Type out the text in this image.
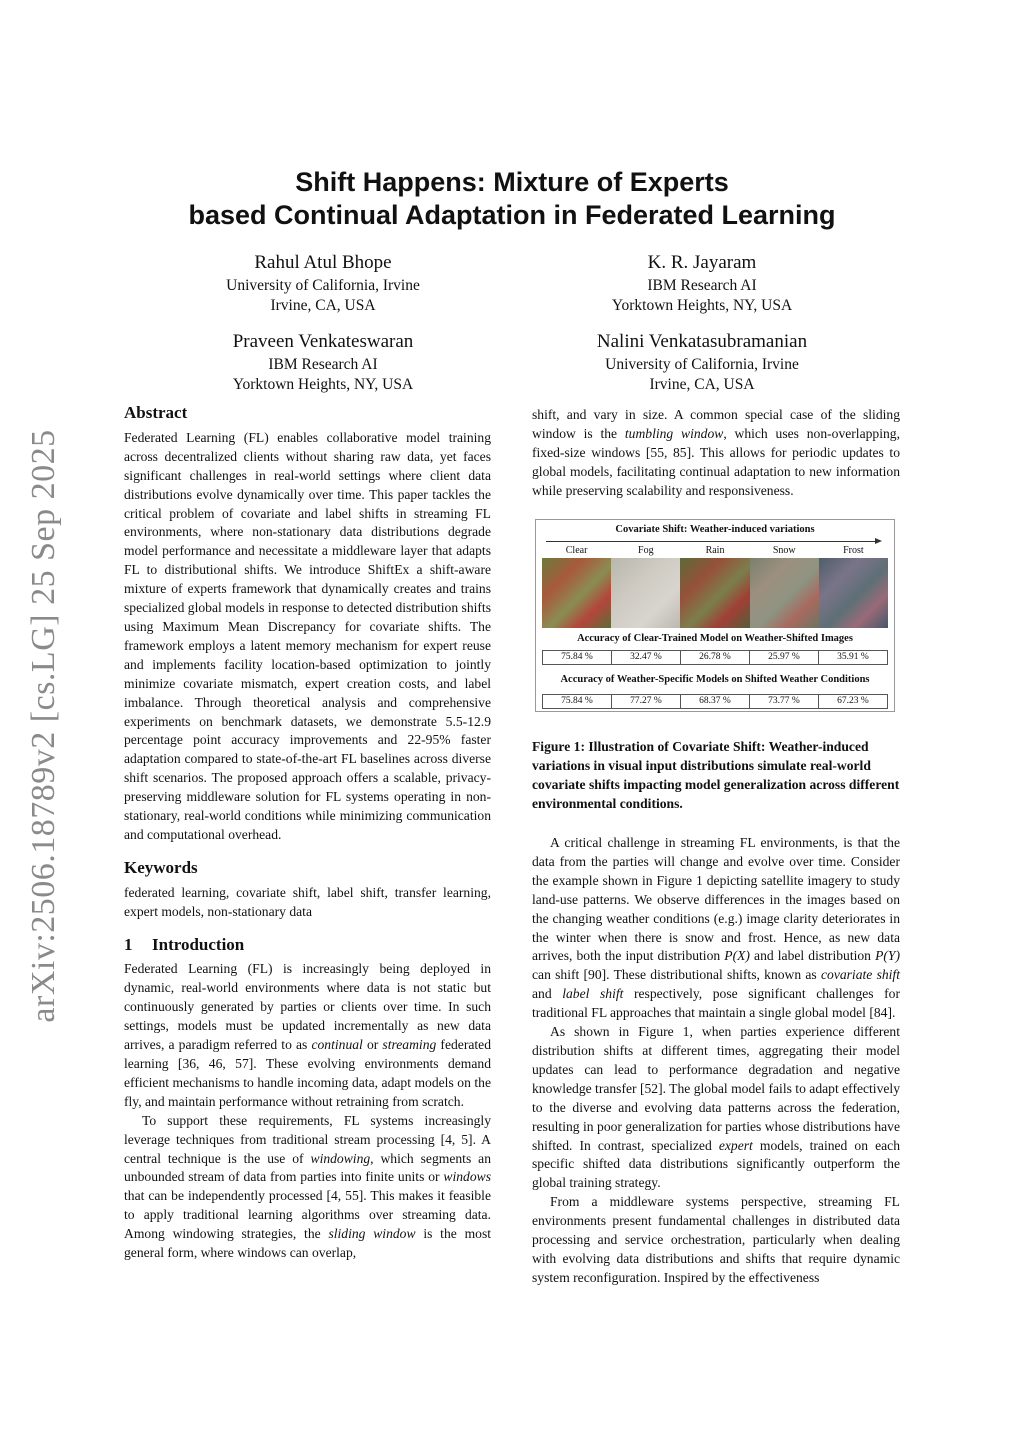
arXiv:2506.18789v2 [cs.LG] 25 Sep 2025
Shift Happens: Mixture of Experts
based Continual Adaptation in Federated Learning
Rahul Atul Bhope
University of California, Irvine
Irvine, CA, USA
K. R. Jayaram
IBM Research AI
Yorktown Heights, NY, USA
Praveen Venkateswaran
IBM Research AI
Yorktown Heights, NY, USA
Nalini Venkatasubramanian
University of California, Irvine
Irvine, CA, USA
Abstract

Federated Learning (FL) enables collaborative model training across decentralized clients without sharing raw data, yet faces significant challenges in real-world settings where client data distributions evolve dynamically over time. This paper tackles the critical problem of covariate and label shifts in streaming FL environments, where non-stationary data distributions degrade model performance and necessitate a middleware layer that adapts FL to distributional shifts. We introduce ShiftEx a shift-aware mixture of experts framework that dynamically creates and trains specialized global models in response to detected distribution shifts using Maximum Mean Discrepancy for covariate shifts. The framework employs a latent memory mechanism for expert reuse and implements facility location-based optimization to jointly minimize covariate mismatch, expert creation costs, and label imbalance. Through theoretical analysis and comprehensive experiments on benchmark datasets, we demonstrate 5.5-12.9 percentage point accuracy improvements and 22-95% faster adaptation compared to state-of-the-art FL baselines across diverse shift scenarios. The proposed approach offers a scalable, privacy-preserving middleware solution for FL systems operating in non-stationary, real-world conditions while minimizing communication and computational overhead.

Keywords

federated learning, covariate shift, label shift, transfer learning, expert models, non-stationary data

1 Introduction

Federated Learning (FL) is increasingly being deployed in dynamic, real-world environments where data is not static but continuously generated by parties or clients over time. In such settings, models must be updated incrementally as new data arrives, a paradigm referred to as continual or streaming federated learning [36, 46, 57]. These evolving environments demand efficient mechanisms to handle incoming data, adapt models on the fly, and maintain performance without retraining from scratch.

To support these requirements, FL systems increasingly leverage techniques from traditional stream processing [4, 5]. A central technique is the use of windowing, which segments an unbounded stream of data from parties into finite units or windows that can be independently processed [4, 55]. This makes it feasible to apply traditional learning algorithms over streaming data. Among windowing strategies, the sliding window is the most general form, where windows can overlap,

shift, and vary in size. A common special case of the sliding window is the tumbling window, which uses non-overlapping, fixed-size windows [55, 85]. This allows for periodic updates to global models, facilitating continual adaptation to new information while preserving scalability and responsiveness.

Covariate Shift: Weather-induced variations
Clear	Fog	Rain	Snow	Frost
Accuracy of Clear-Trained Model on Weather-Shifted Images
75.84 %	32.47 %	26.78 %	25.97 %	35.91 %
Accuracy of Weather-Specific Models on Shifted Weather Conditions
75.84 %	77.27 %	68.37 %	73.77 %	67.23 %
Figure 1: Illustration of Covariate Shift: Weather-induced variations in visual input distributions simulate real-world covariate shifts impacting model generalization across different environmental conditions.

A critical challenge in streaming FL environments, is that the data from the parties will change and evolve over time. Consider the example shown in Figure 1 depicting satellite imagery to study land-use patterns. We observe differences in the images based on the changing weather conditions (e.g.) image clarity deteriorates in the winter when there is snow and frost. Hence, as new data arrives, both the input distribution P(X) and label distribution P(Y) can shift [90]. These distributional shifts, known as covariate shift and label shift respectively, pose significant challenges for traditional FL approaches that maintain a single global model [84].

As shown in Figure 1, when parties experience different distribution shifts at different times, aggregating their model updates can lead to performance degradation and negative knowledge transfer [52]. The global model fails to adapt effectively to the diverse and evolving data patterns across the federation, resulting in poor generalization for parties whose distributions have shifted. In contrast, specialized expert models, trained on each specific shifted data distributions significantly outperform the global training strategy.

From a middleware systems perspective, streaming FL environments present fundamental challenges in distributed data processing and service orchestration, particularly when dealing with evolving data distributions and shifts that require dynamic system reconfiguration. Inspired by the effectiveness
